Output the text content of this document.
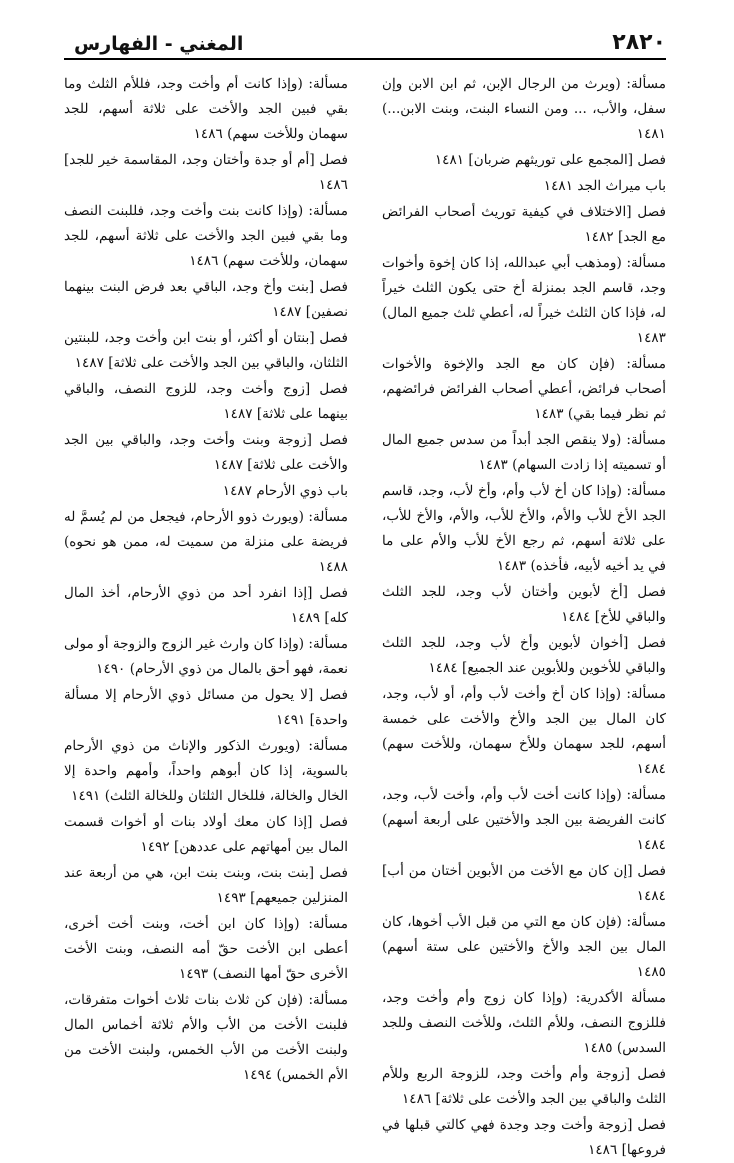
٢٨٢٠
المغني - الفهارس

مسألة: (ويرث من الرجال الإبن، ثم ابن الابن وإن سفل، والأب، ... ومن النساء البنت، وبنت الابن...) ١٤٨١

فصل [المجمع على توريثهم ضربان] ١٤٨١

باب ميراث الجد ١٤٨١

فصل [الاختلاف في كيفية توريث أصحاب الفرائض مع الجد] ١٤٨٢

مسألة: (ومذهب أبي عبدالله، إذا كان إخوة وأخوات وجد، قاسم الجد بمنزلة أخ حتى يكون الثلث خيراً له، فإذا كان الثلث خيراً له، أعطي ثلث جميع المال) ١٤٨٣

مسألة: (فإن كان مع الجد والإخوة والأخوات أصحاب فرائض، أعطي أصحاب الفرائض فرائضهم، ثم نظر فيما بقي) ١٤٨٣

مسألة: (ولا ينقص الجد أبداً من سدس جميع المال أو تسميته إذا زادت السهام) ١٤٨٣

مسألة: (وإذا كان أخ لأب وأم، وأخ لأب، وجد، قاسم الجد الأخ للأب والأم، والأخ للأب، والأم، والأخ للأب، على ثلاثة أسهم، ثم رجع الأخ للأب والأم على ما في يد أخيه لأبيه، فأخذه) ١٤٨٣

فصل [أخ لأبوين وأختان لأب وجد، للجد الثلث والباقي للأخ] ١٤٨٤

فصل [أخوان لأبوين وأخ لأب وجد، للجد الثلث والباقي للأخوين وللأبوين عند الجميع] ١٤٨٤

مسألة: (وإذا كان أخ وأخت لأب وأم، أو لأب، وجد، كان المال بين الجد والأخ والأخت على خمسة أسهم، للجد سهمان وللأخ سهمان، وللأخت سهم) ١٤٨٤

مسألة: (وإذا كانت أخت لأب وأم، وأخت لأب، وجد، كانت الفريضة بين الجد والأختين على أربعة أسهم) ١٤٨٤

فصل [إن كان مع الأخت من الأبوين أختان من أب] ١٤٨٤

مسألة: (فإن كان مع التي من قبل الأب أخوها، كان المال بين الجد والأخ والأختين على ستة أسهم) ١٤٨٥

مسألة الأكدرية: (وإذا كان زوج وأم وأخت وجد، فللزوج النصف، وللأم الثلث، وللأخت النصف وللجد السدس) ١٤٨٥

فصل [زوجة وأم وأخت وجد، للزوجة الربع وللأم الثلث والباقي بين الجد والأخت على ثلاثة] ١٤٨٦

فصل [زوجة وأخت وجد وجدة فهي كالتي قبلها في فروعها] ١٤٨٦

مسألة: (وإذا كانت أم وأخت وجد، فللأم الثلث وما بقي فبين الجد والأخت على ثلاثة أسهم، للجد سهمان وللأخت سهم) ١٤٨٦

فصل [أم أو جدة وأختان وجد، المقاسمة خير للجد] ١٤٨٦

مسألة: (وإذا كانت بنت وأخت وجد، فللبنت النصف وما بقي فبين الجد والأخت على ثلاثة أسهم، للجد سهمان، وللأخت سهم) ١٤٨٦

فصل [بنت وأخ وجد، الباقي بعد فرض البنت بينهما نصفين] ١٤٨٧

فصل [بنتان أو أكثر، أو بنت ابن وأخت وجد، للبنتين الثلثان، والباقي بين الجد والأخت على ثلاثة] ١٤٨٧

فصل [زوج وأخت وجد، للزوج النصف، والباقي بينهما على ثلاثة] ١٤٨٧

فصل [زوجة وبنت وأخت وجد، والباقي بين الجد والأخت على ثلاثة] ١٤٨٧

باب ذوي الأرحام ١٤٨٧

مسألة: (ويورث ذوو الأرحام، فيجعل من لم يُسمَّ له فريضة على منزلة من سميت له، ممن هو نحوه) ١٤٨٨

فصل [إذا انفرد أحد من ذوي الأرحام، أخذ المال كله] ١٤٨٩

مسألة: (وإذا كان وارث غير الزوج والزوجة أو مولى نعمة، فهو أحق بالمال من ذوي الأرحام) ١٤٩٠

فصل [لا يحول من مسائل ذوي الأرحام إلا مسألة واحدة] ١٤٩١

مسألة: (ويورث الذكور والإناث من ذوي الأرحام بالسوية، إذا كان أبوهم واحداً، وأمهم واحدة إلا الخال والخالة، فللخال الثلثان وللخالة الثلث) ١٤٩١

فصل [إذا كان معك أولاد بنات أو أخوات قسمت المال بين أمهاتهم على عددهن] ١٤٩٢

فصل [بنت بنت، وبنت بنت ابن، هي من أربعة عند المنزلين جميعهم] ١٤٩٣

مسألة: (وإذا كان ابن أخت، وبنت أخت أخرى، أعطى ابن الأخت حقّ أمه النصف، وبنت الأخت الأخرى حقّ أمها النصف) ١٤٩٣

مسألة: (فإن كن ثلاث بنات ثلاث أخوات متفرقات، فلبنت الأخت من الأب والأم ثلاثة أخماس المال ولبنت الأخت من الأب الخمس، ولبنت الأخت من الأم الخمس) ١٤٩٤
